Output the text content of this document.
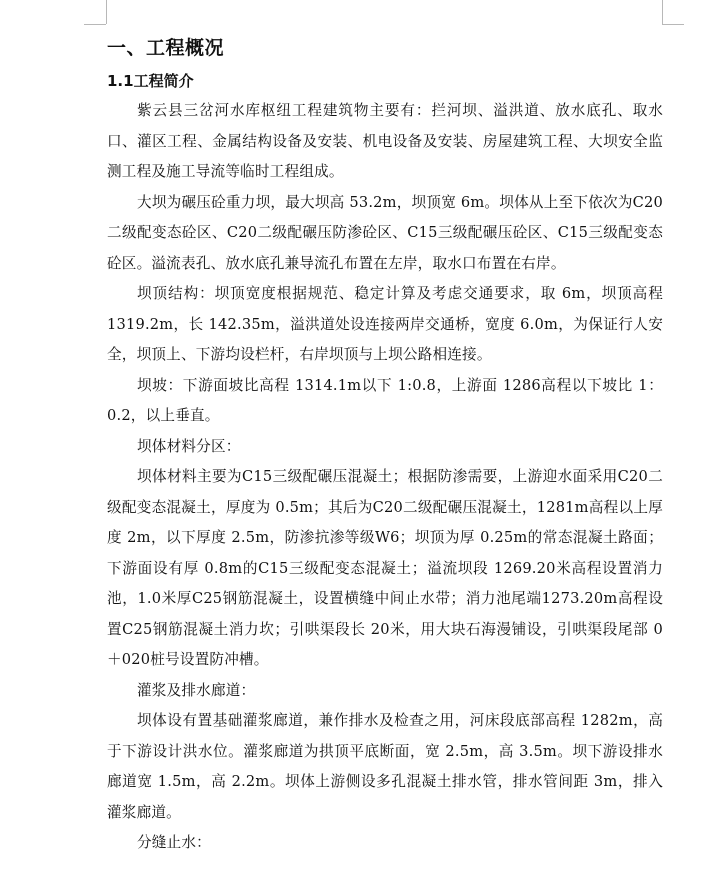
一、工程概况
1.1工程简介

紫云县三岔河水库枢纽工程建筑物主要有：拦河坝、溢洪道、放水底孔、取水口、灌区工程、金属结构设备及安装、机电设备及安装、房屋建筑工程、大坝安全监测工程及施工导流等临时工程组成。

大坝为碾压砼重力坝，最大坝高 53.2m，坝顶宽 6m。坝体从上至下依次为C20二级配变态砼区、C20二级配碾压防渗砼区、C15三级配碾压砼区、C15三级配变态砼区。溢流表孔、放水底孔兼导流孔布置在左岸，取水口布置在右岸。

坝顶结构：坝顶宽度根据规范、稳定计算及考虑交通要求，取 6m，坝顶高程 1319.2m，长 142.35m，溢洪道处设连接两岸交通桥，宽度 6.0m，为保证行人安全，坝顶上、下游均设栏杆，右岸坝顶与上坝公路相连接。

坝坡：下游面坡比高程 1314.1m以下 1:0.8，上游面 1286高程以下坡比 1：0.2，以上垂直。

坝体材料分区：

坝体材料主要为C15三级配碾压混凝土；根据防渗需要，上游迎水面采用C20二级配变态混凝土，厚度为 0.5m；其后为C20二级配碾压混凝土，1281m高程以上厚度 2m，以下厚度 2.5m，防渗抗渗等级W6；坝顶为厚 0.25m的常态混凝土路面；下游面设有厚 0.8m的C15三级配变态混凝土；溢流坝段 1269.20米高程设置消力池，1.0米厚C25钢筋混凝土，设置横缝中间止水带；消力池尾端1273.20m高程设置C25钢筋混凝土消力坎；引哄渠段长 20米，用大块石海漫铺设，引哄渠段尾部 0＋020桩号设置防冲槽。

灌浆及排水廊道：

坝体设有置基础灌浆廊道，兼作排水及检查之用，河床段底部高程 1282m，高于下游设计洪水位。灌浆廊道为拱顶平底断面，宽 2.5m，高 3.5m。坝下游设排水廊道宽 1.5m，高 2.2m。坝体上游侧设多孔混凝土排水管，排水管间距 3m，排入灌浆廊道。

分缝止水：
